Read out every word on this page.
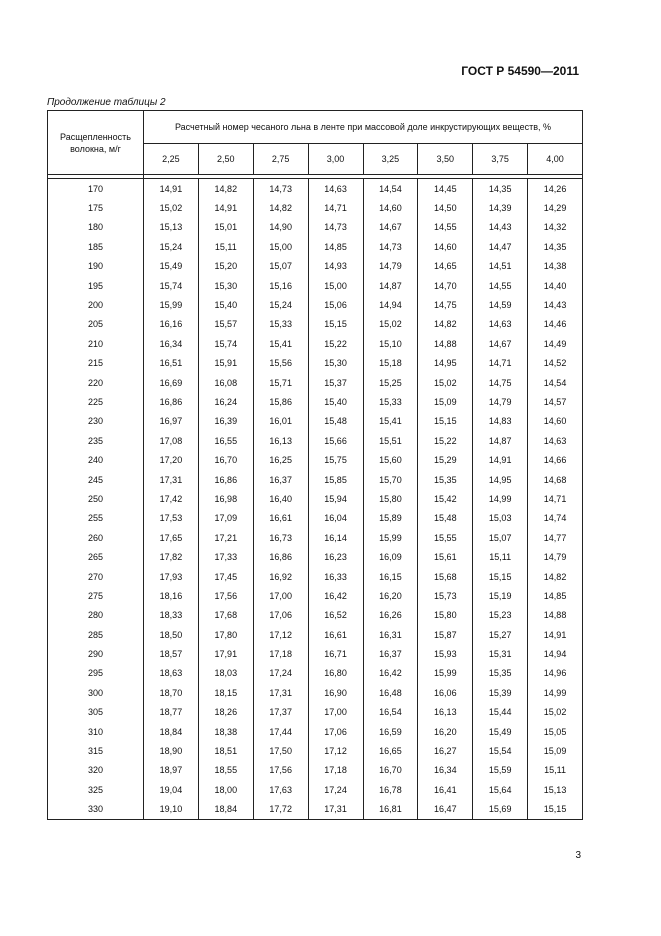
ГОСТ Р 54590—2011
Продолжение таблицы 2
Расщепленность волокна, м/г	Расчетный номер чесаного льна в ленте при массовой доле инкрустирующих веществ, %							
	2,25	2,50	2,75	3,00	3,25	3,50	3,75	4,00

170	14,91	14,82	14,73	14,63	14,54	14,45	14,35	14,26
175	15,02	14,91	14,82	14,71	14,60	14,50	14,39	14,29
180	15,13	15,01	14,90	14,73	14,67	14,55	14,43	14,32
185	15,24	15,11	15,00	14,85	14,73	14,60	14,47	14,35
190	15,49	15,20	15,07	14,93	14,79	14,65	14,51	14,38
195	15,74	15,30	15,16	15,00	14,87	14,70	14,55	14,40
200	15,99	15,40	15,24	15,06	14,94	14,75	14,59	14,43
205	16,16	15,57	15,33	15,15	15,02	14,82	14,63	14,46
210	16,34	15,74	15,41	15,22	15,10	14,88	14,67	14,49
215	16,51	15,91	15,56	15,30	15,18	14,95	14,71	14,52
220	16,69	16,08	15,71	15,37	15,25	15,02	14,75	14,54
225	16,86	16,24	15,86	15,40	15,33	15,09	14,79	14,57
230	16,97	16,39	16,01	15,48	15,41	15,15	14,83	14,60
235	17,08	16,55	16,13	15,66	15,51	15,22	14,87	14,63
240	17,20	16,70	16,25	15,75	15,60	15,29	14,91	14,66
245	17,31	16,86	16,37	15,85	15,70	15,35	14,95	14,68
250	17,42	16,98	16,40	15,94	15,80	15,42	14,99	14,71
255	17,53	17,09	16,61	16,04	15,89	15,48	15,03	14,74
260	17,65	17,21	16,73	16,14	15,99	15,55	15,07	14,77
265	17,82	17,33	16,86	16,23	16,09	15,61	15,11	14,79
270	17,93	17,45	16,92	16,33	16,15	15,68	15,15	14,82
275	18,16	17,56	17,00	16,42	16,20	15,73	15,19	14,85
280	18,33	17,68	17,06	16,52	16,26	15,80	15,23	14,88
285	18,50	17,80	17,12	16,61	16,31	15,87	15,27	14,91
290	18,57	17,91	17,18	16,71	16,37	15,93	15,31	14,94
295	18,63	18,03	17,24	16,80	16,42	15,99	15,35	14,96
300	18,70	18,15	17,31	16,90	16,48	16,06	15,39	14,99
305	18,77	18,26	17,37	17,00	16,54	16,13	15,44	15,02
310	18,84	18,38	17,44	17,06	16,59	16,20	15,49	15,05
315	18,90	18,51	17,50	17,12	16,65	16,27	15,54	15,09
320	18,97	18,55	17,56	17,18	16,70	16,34	15,59	15,11
325	19,04	18,00	17,63	17,24	16,78	16,41	15,64	15,13
330	19,10	18,84	17,72	17,31	16,81	16,47	15,69	15,15
3
